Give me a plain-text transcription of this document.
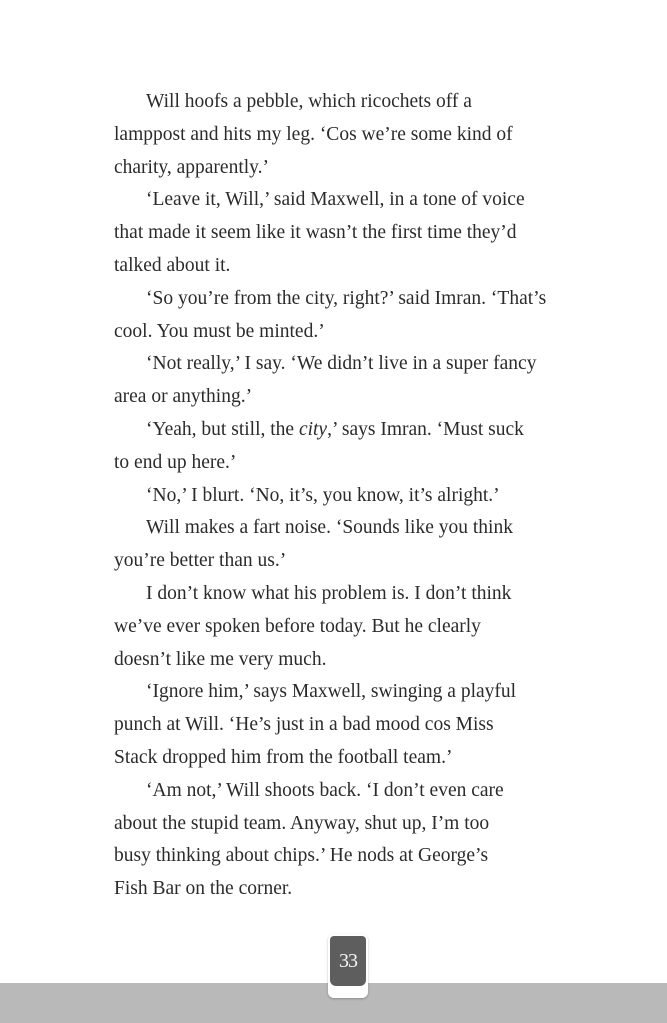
Will hoofs a pebble, which ricochets off a
lamppost and hits my leg. ‘Cos we’re some kind of
charity, apparently.’

‘Leave it, Will,’ said Maxwell, in a tone of voice
that made it seem like it wasn’t the first time they’d
talked about it.

‘So you’re from the city, right?’ said Imran. ‘That’s
cool. You must be minted.’

‘Not really,’ I say. ‘We didn’t live in a super fancy
area or anything.’

‘Yeah, but still, the city,’ says Imran. ‘Must suck
to end up here.’

‘No,’ I blurt. ‘No, it’s, you know, it’s alright.’

Will makes a fart noise. ‘Sounds like you think
you’re better than us.’

I don’t know what his problem is. I don’t think
we’ve ever spoken before today. But he clearly
doesn’t like me very much.

‘Ignore him,’ says Maxwell, swinging a playful
punch at Will. ‘He’s just in a bad mood cos Miss
Stack dropped him from the football team.’

‘Am not,’ Will shoots back. ‘I don’t even care
about the stupid team. Anyway, shut up, I’m too
busy thinking about chips.’ He nods at George’s
Fish Bar on the corner.

33
